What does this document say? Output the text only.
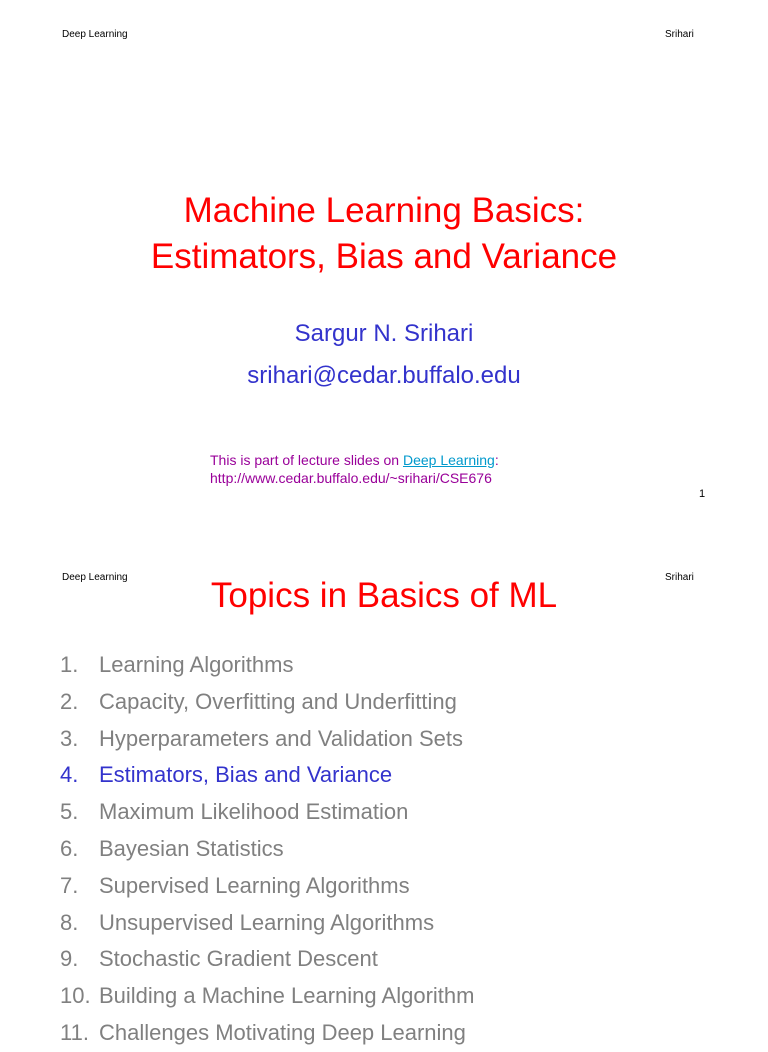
Deep Learning	Srihari
Machine Learning Basics:
Estimators, Bias and Variance
Sargur N. Srihari
srihari@cedar.buffalo.edu
This is part of lecture slides on Deep Learning:
http://www.cedar.buffalo.edu/~srihari/CSE676
1
Deep Learning	Srihari
Topics in Basics of ML
1. Learning Algorithms
2. Capacity, Overfitting and Underfitting
3. Hyperparameters and Validation Sets
4. Estimators, Bias and Variance
5. Maximum Likelihood Estimation
6. Bayesian Statistics
7. Supervised Learning Algorithms
8. Unsupervised Learning Algorithms
9. Stochastic Gradient Descent
10. Building a Machine Learning Algorithm
11. Challenges Motivating Deep Learning
